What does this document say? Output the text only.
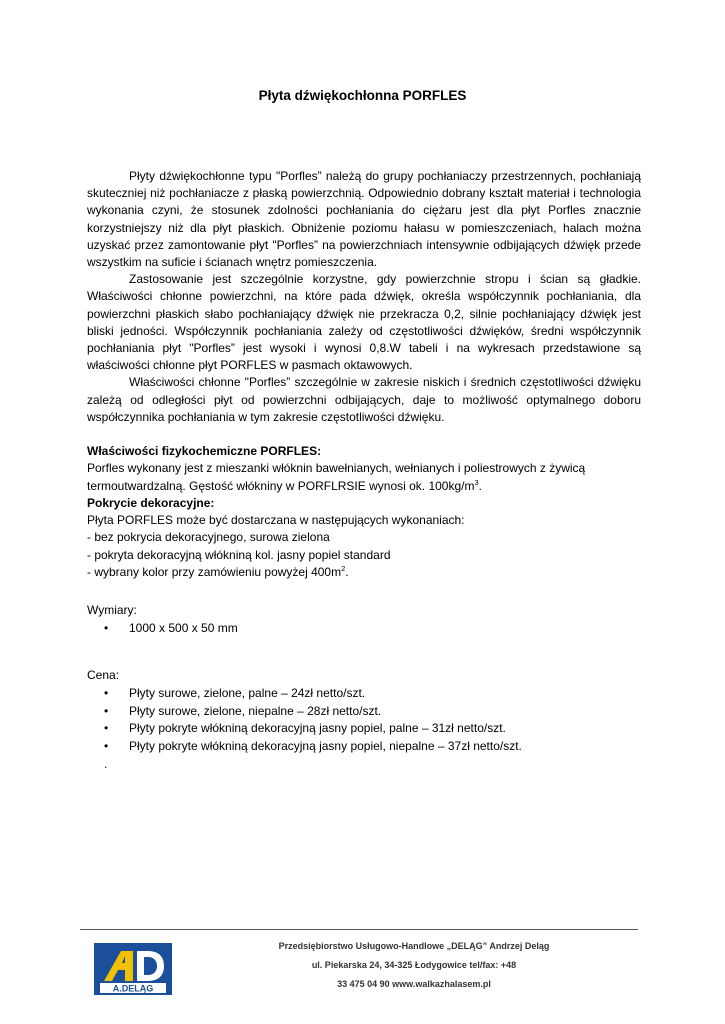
Płyta dźwiękochłonna PORFLES

Płyty dźwiękochłonne typu "Porfles” należą do grupy pochłaniaczy przestrzennych, pochłaniają skuteczniej niż pochłaniacze z płaską powierzchnią. Odpowiednio dobrany kształt materiał i technologia wykonania czyni, że stosunek zdolności pochłaniania do ciężaru jest dla płyt Porfles znacznie korzystniejszy niż dla płyt płaskich. Obniżenie poziomu hałasu w pomieszczeniach, halach można uzyskać przez zamontowanie płyt "Porfles” na powierzchniach intensywnie odbijających dźwięk przede wszystkim na suficie i ścianach wnętrz pomieszczenia.

Zastosowanie jest szczególnie korzystne, gdy powierzchnie stropu i ścian są gładkie. Właściwości chłonne powierzchni, na które pada dźwięk, określa współczynnik pochłaniania, dla powierzchni płaskich słabo pochłaniający dźwięk nie przekracza 0,2, silnie pochłaniający dźwięk jest bliski jedności. Współczynnik pochłaniania zależy od częstotliwości dźwięków, średni współczynnik pochłaniania płyt "Porfles” jest wysoki i wynosi 0,8.W tabeli i na wykresach przedstawione są właściwości chłonne płyt PORFLES w pasmach oktawowych.

Właściwości chłonne "Porfles” szczególnie w zakresie niskich i średnich częstotliwości dźwięku zależą od odległości płyt od powierzchni odbijających, daje to możliwość optymalnego doboru współczynnika pochłaniania w tym zakresie częstotliwości dźwięku.

Właściwości fizykochemiczne PORFLES:
Porfles wykonany jest z mieszanki włóknin bawełnianych, wełnianych i poliestrowych z żywicą
termoutwardzalną. Gęstość włókniny w PORFLRSIE wynosi ok. $100kg/m^3$.
Pokrycie dekoracyjne:
Płyta PORFLES może być dostarczana w następujących wykonaniach:
- bez pokrycia dekoracyjnego, surowa zielona
- pokryta dekoracyjną włókniną kol. jasny popiel standard
- wybrany kolor przy zamówieniu powyżej $400m^2$.
Wymiary:
• 1000 x 500 x 50 mm
Cena:
• Płyty surowe, zielone, palne – 24zł netto/szt.
• Płyty surowe, zielone, niepalne – 28zł netto/szt.
• Płyty pokryte włókniną dekoracyjną jasny popiel, palne – 31zł netto/szt.
• Płyty pokryte włókniną dekoracyjną jasny popiel, niepalne – 37zł netto/szt.
.
A.DELĄG
Przedsiębiorstwo Usługowo-Handlowe „DELĄG” Andrzej Deląg
ul. Piekarska 24, 34-325 Łodygowice tel/fax: +48
33 475 04 90 www.walkazhalasem.pl
